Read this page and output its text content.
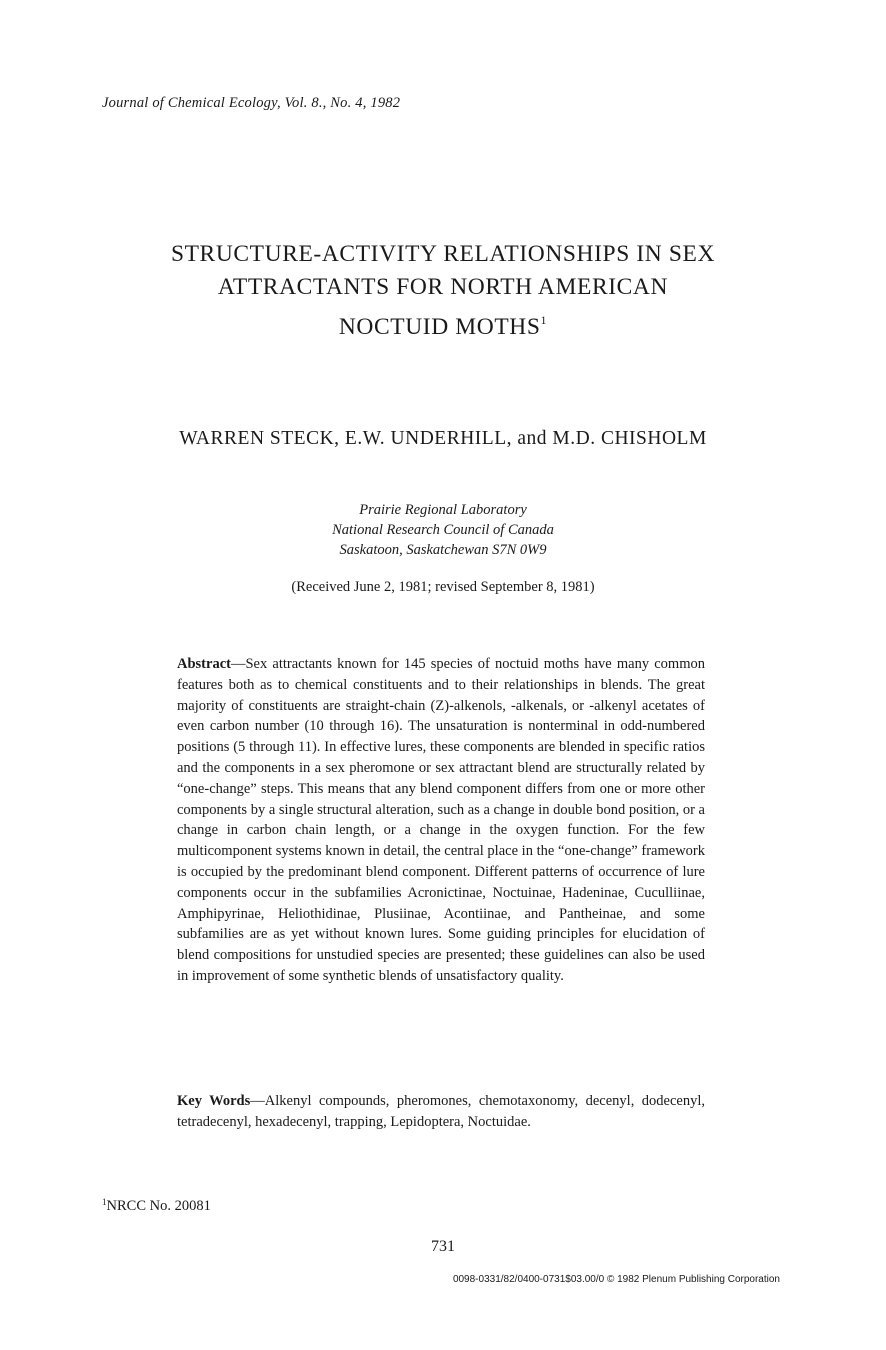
Journal of Chemical Ecology, Vol. 8., No. 4, 1982
STRUCTURE-ACTIVITY RELATIONSHIPS IN SEX
ATTRACTANTS FOR NORTH AMERICAN
NOCTUID MOTHS$^1$
WARREN STECK, E.W. UNDERHILL, and M.D. CHISHOLM
Prairie Regional Laboratory
National Research Council of Canada
Saskatoon, Saskatchewan S7N 0W9
(Received June 2, 1981; revised September 8, 1981)
Abstract—Sex attractants known for 145 species of noctuid moths have many common features both as to chemical constituents and to their relationships in blends. The great majority of constituents are straight-chain (Z)-alkenols, -alkenals, or -alkenyl acetates of even carbon number (10 through 16). The unsaturation is nonterminal in odd-numbered positions (5 through 11). In effective lures, these components are blended in specific ratios and the components in a sex pheromone or sex attractant blend are structurally related by “one-change” steps. This means that any blend component differs from one or more other components by a single structural alteration, such as a change in double bond position, or a change in carbon chain length, or a change in the oxygen function. For the few multicomponent systems known in detail, the central place in the “one-change” framework is occupied by the predominant blend component. Different patterns of occurrence of lure components occur in the subfamilies Acronictinae, Noctuinae, Hadeninae, Cuculliinae, Amphipyrinae, Heliothidinae, Plusiinae, Acontiinae, and Pantheinae, and some subfamilies are as yet without known lures. Some guiding principles for elucidation of blend compositions for unstudied species are presented; these guidelines can also be used in improvement of some synthetic blends of unsatisfactory quality.
Key Words—Alkenyl compounds, pheromones, chemotaxonomy, decenyl, dodecenyl, tetradecenyl, hexadecenyl, trapping, Lepidoptera, Noctuidae.
$^1$NRCC No. 20081
731
0098-0331/82/0400-0731$03.00/0 © 1982 Plenum Publishing Corporation
